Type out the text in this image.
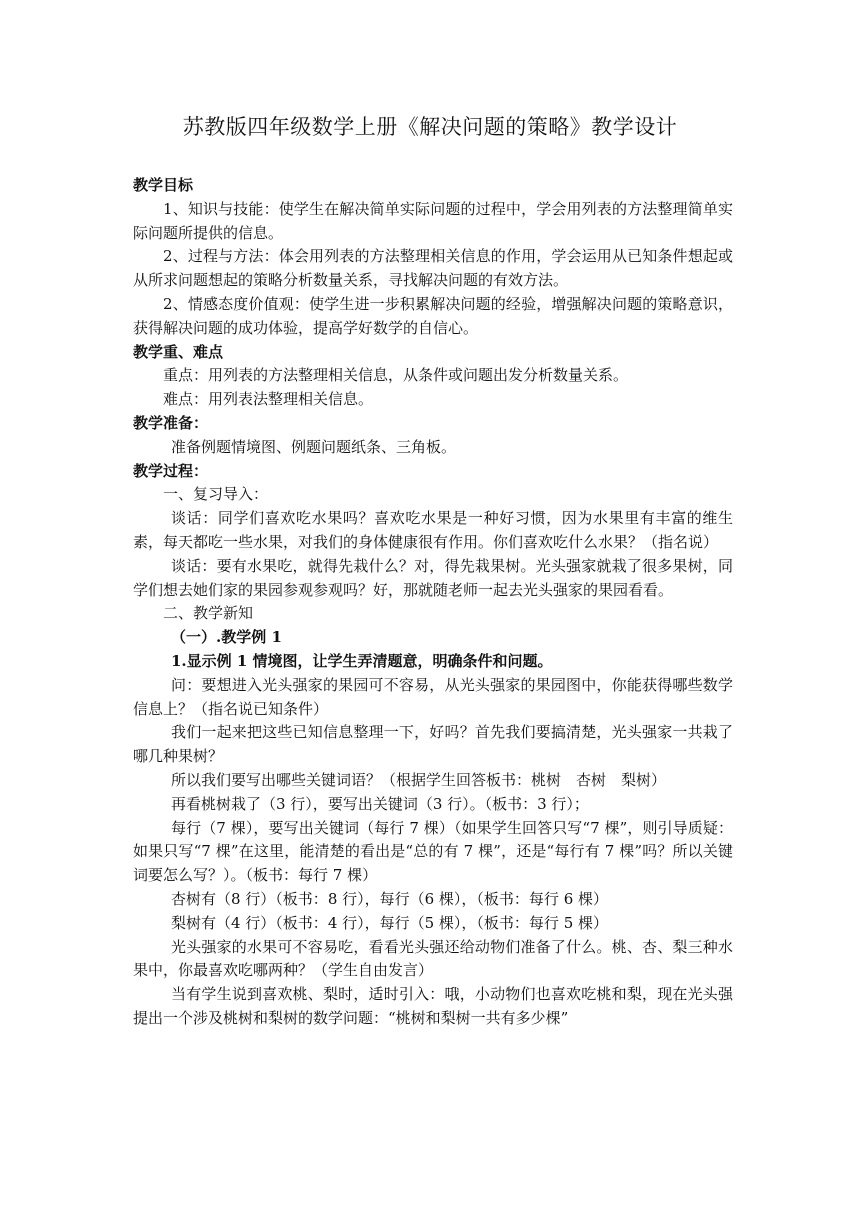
苏教版四年级数学上册《解决问题的策略》教学设计

教学目标

1、知识与技能：使学生在解决简单实际问题的过程中，学会用列表的方法整理简单实际问题所提供的信息。

2、过程与方法：体会用列表的方法整理相关信息的作用，学会运用从已知条件想起或从所求问题想起的策略分析数量关系，寻找解决问题的有效方法。

2、情感态度价值观：使学生进一步积累解决问题的经验，增强解决问题的策略意识，获得解决问题的成功体验，提高学好数学的自信心。

教学重、难点

重点：用列表的方法整理相关信息，从条件或问题出发分析数量关系。

难点：用列表法整理相关信息。

教学准备：

准备例题情境图、例题问题纸条、三角板。

教学过程：

一、复习导入：

谈话：同学们喜欢吃水果吗？喜欢吃水果是一种好习惯，因为水果里有丰富的维生素，每天都吃一些水果，对我们的身体健康很有作用。你们喜欢吃什么水果？（指名说）

谈话：要有水果吃，就得先栽什么？对，得先栽果树。光头强家就栽了很多果树，同学们想去她们家的果园参观参观吗？好，那就随老师一起去光头强家的果园看看。

二、教学新知

（一）.教学例 1

1.显示例 1 情境图，让学生弄清题意，明确条件和问题。

问：要想进入光头强家的果园可不容易，从光头强家的果园图中，你能获得哪些数学信息上？（指名说已知条件）

我们一起来把这些已知信息整理一下，好吗？首先我们要搞清楚，光头强家一共栽了哪几种果树？

所以我们要写出哪些关键词语？（根据学生回答板书：桃树　杏树　梨树）

再看桃树栽了（3 行），要写出关键词（3 行）。（板书：3 行）；

每行（7 棵），要写出关键词（每行 7 棵）（如果学生回答只写“7 棵”，则引导质疑：如果只写“7 棵”在这里，能清楚的看出是“总的有 7 棵”，还是“每行有 7 棵”吗？所以关键词要怎么写？）。（板书：每行 7 棵）

杏树有（8 行）（板书：8 行），每行（6 棵），（板书：每行 6 棵）

梨树有（4 行）（板书：4 行），每行（5 棵），（板书：每行 5 棵）

光头强家的水果可不容易吃，看看光头强还给动物们准备了什么。桃、杏、梨三种水果中，你最喜欢吃哪两种？（学生自由发言）

当有学生说到喜欢桃、梨时，适时引入：哦，小动物们也喜欢吃桃和梨，现在光头强提出一个涉及桃树和梨树的数学问题：“桃树和梨树一共有多少棵”
